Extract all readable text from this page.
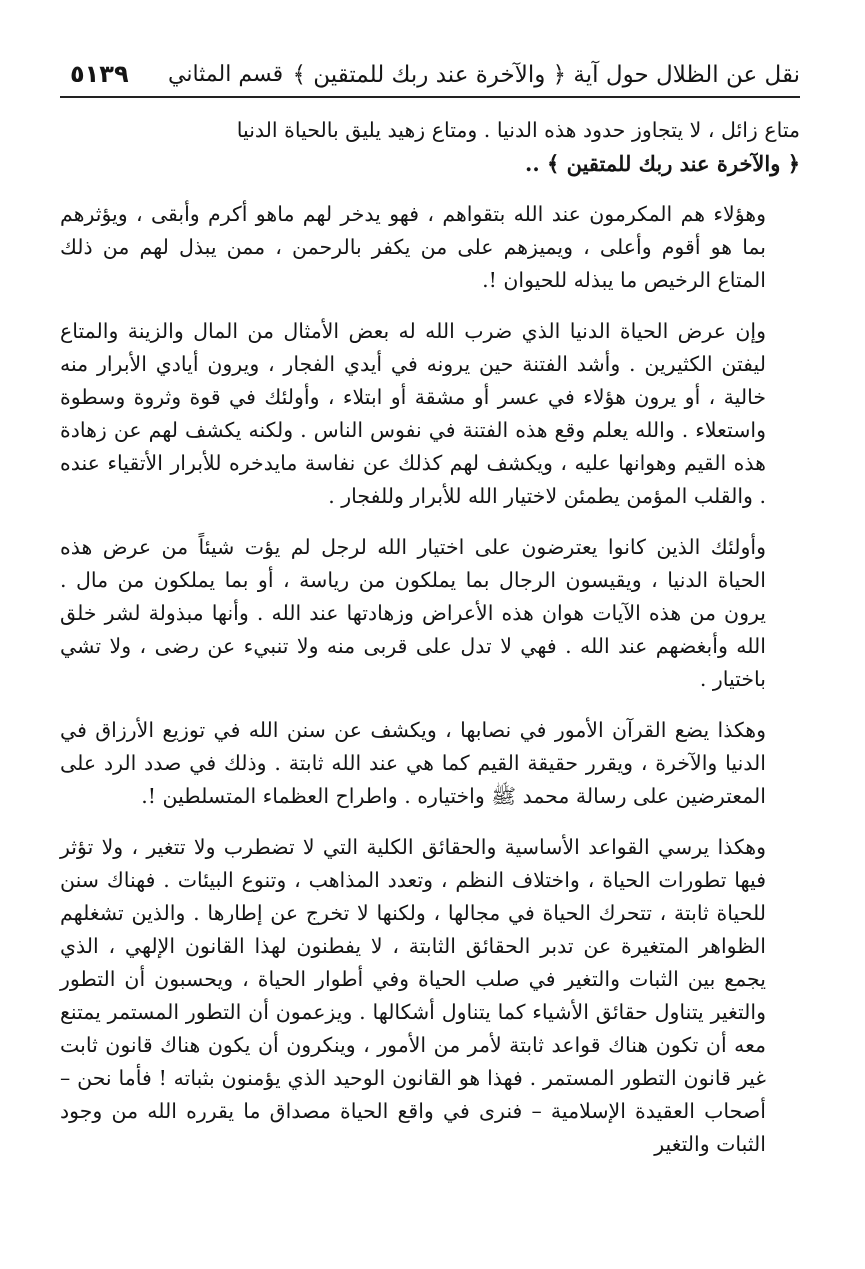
نقل عن الظلال حول آية ﴿ والآخرة عند ربك للمتقين ﴾
قسم المثاني
٥١٣٩

متاع زائل ، لا يتجاوز حدود هذه الدنيا . ومتاع زهيد يليق بالحياة الدنيا
﴿ والآخرة عند ربك للمتقين ﴾ ..

وهؤلاء هم المكرمون عند الله بتقواهم ، فهو يدخر لهم ماهو أكرم وأبقى ، ويؤثرهم بما هو أقوم وأعلى ، ويميزهم على من يكفر بالرحمن ، ممن يبذل لهم من ذلك المتاع الرخيص ما يبذله للحيوان !.

وإن عرض الحياة الدنيا الذي ضرب الله له بعض الأمثال من المال والزينة والمتاع ليفتن الكثيرين . وأشد الفتنة حين يرونه في أيدي الفجار ، ويرون أيادي الأبرار منه خالية ، أو يرون هؤلاء في عسر أو مشقة أو ابتلاء ، وأولئك في قوة وثروة وسطوة واستعلاء . والله يعلم وقع هذه الفتنة في نفوس الناس . ولكنه يكشف لهم عن زهادة هذه القيم وهوانها عليه ، ويكشف لهم كذلك عن نفاسة مايدخره للأبرار الأتقياء عنده . والقلب المؤمن يطمئن لاختيار الله للأبرار وللفجار .

وأولئك الذين كانوا يعترضون على اختيار الله لرجل لم يؤت شيئاً من عرض هذه الحياة الدنيا ، ويقيسون الرجال بما يملكون من رياسة ، أو بما يملكون من مال . يرون من هذه الآيات هوان هذه الأعراض وزهادتها عند الله . وأنها مبذولة لشر خلق الله وأبغضهم عند الله . فهي لا تدل على قربى منه ولا تنبيء عن رضى ، ولا تشي باختيار .

وهكذا يضع القرآن الأمور في نصابها ، ويكشف عن سنن الله في توزيع الأرزاق في الدنيا والآخرة ، ويقرر حقيقة القيم كما هي عند الله ثابتة . وذلك في صدد الرد على المعترضين على رسالة محمد ﷺ واختياره . واطراح العظماء المتسلطين !.

وهكذا يرسي القواعد الأساسية والحقائق الكلية التي لا تضطرب ولا تتغير ، ولا تؤثر فيها تطورات الحياة ، واختلاف النظم ، وتعدد المذاهب ، وتنوع البيئات . فهناك سنن للحياة ثابتة ، تتحرك الحياة في مجالها ، ولكنها لا تخرج عن إطارها . والذين تشغلهم الظواهر المتغيرة عن تدبر الحقائق الثابتة ، لا يفطنون لهذا القانون الإلهي ، الذي يجمع بين الثبات والتغير في صلب الحياة وفي أطوار الحياة ، ويحسبون أن التطور والتغير يتناول حقائق الأشياء كما يتناول أشكالها . ويزعمون أن التطور المستمر يمتنع معه أن تكون هناك قواعد ثابتة لأمر من الأمور ، وينكرون أن يكون هناك قانون ثابت غير قانون التطور المستمر . فهذا هو القانون الوحيد الذي يؤمنون بثباته ! فأما نحن – أصحاب العقيدة الإسلامية – فنرى في واقع الحياة مصداق ما يقرره الله من وجود الثبات والتغير
